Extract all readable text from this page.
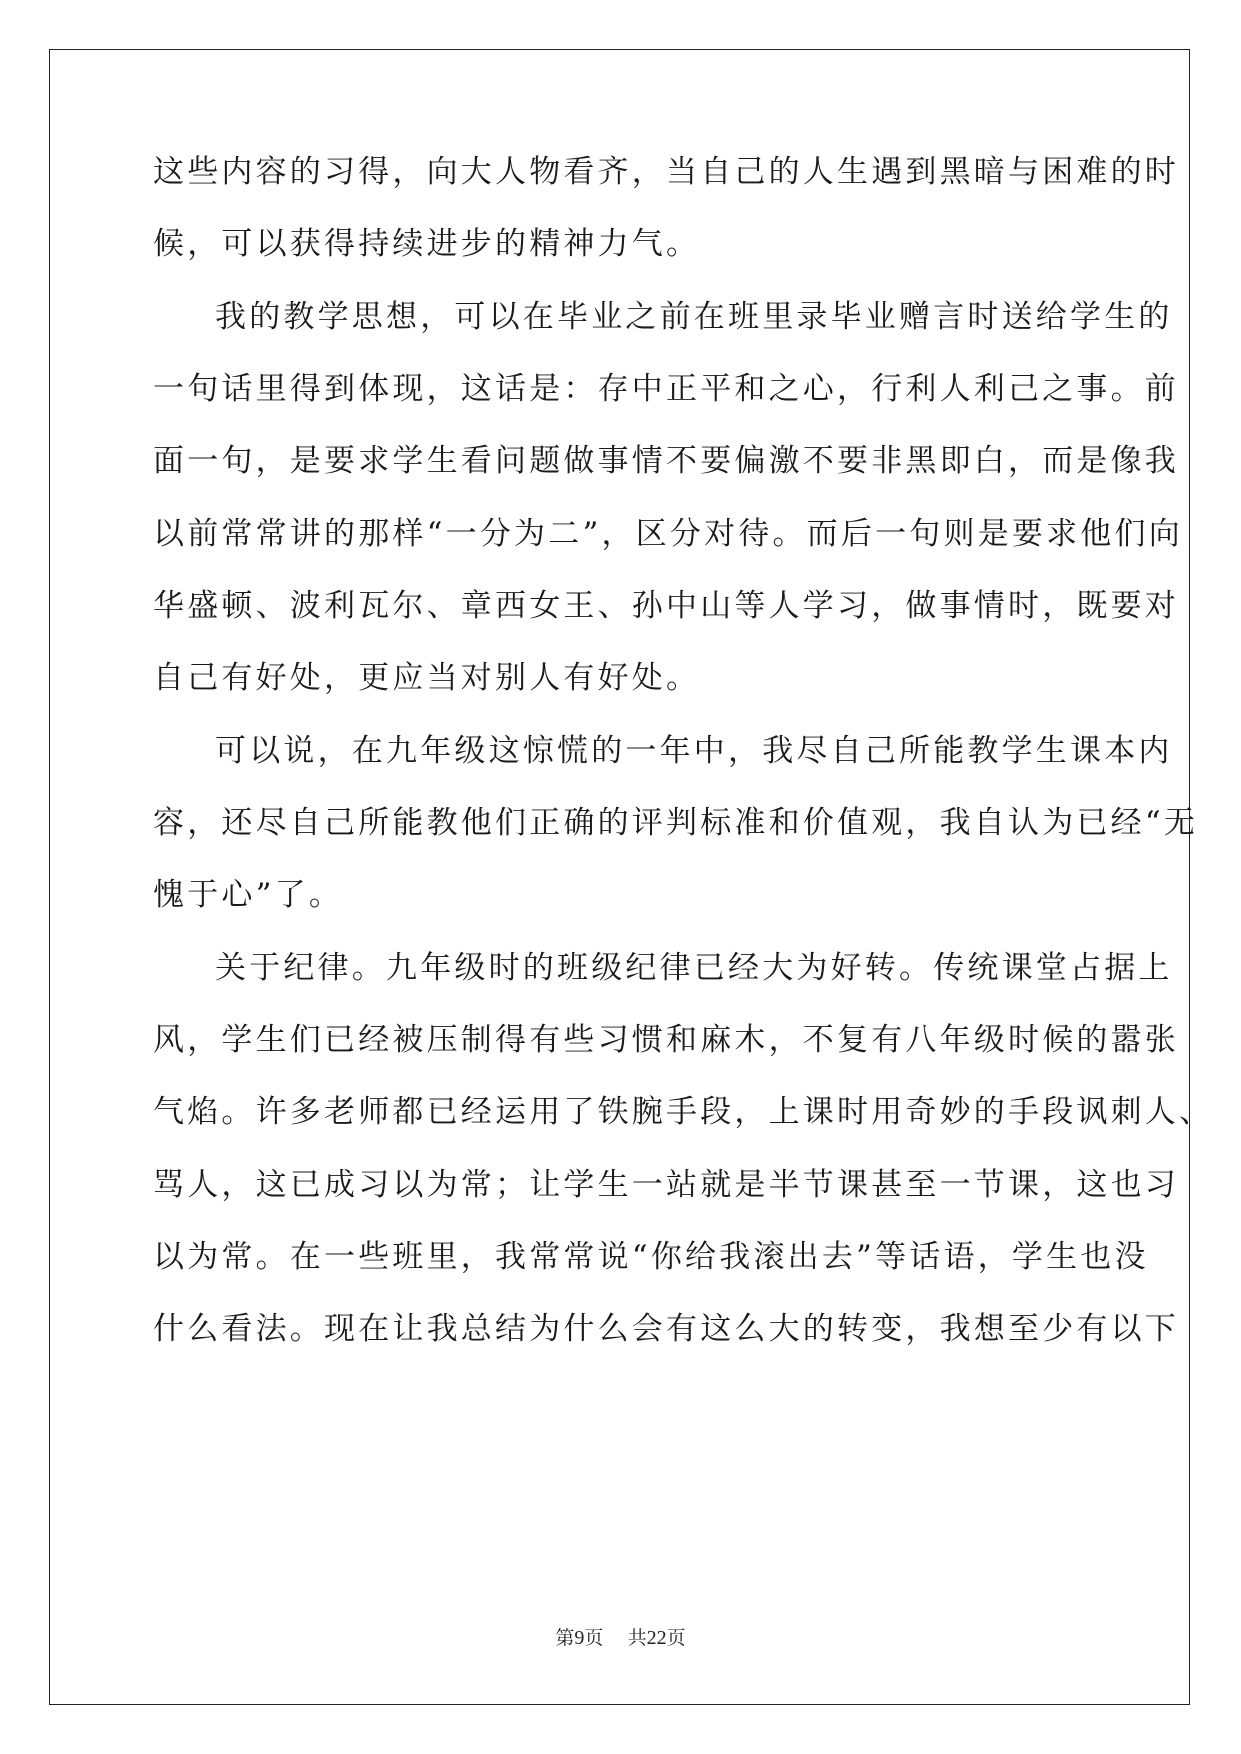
这些内容的习得，向大人物看齐，当自己的人生遇到黑暗与困难的时
候，可以获得持续进步的精神力气。
我的教学思想，可以在毕业之前在班里录毕业赠言时送给学生的
一句话里得到体现，这话是：存中正平和之心，行利人利己之事。前
面一句，是要求学生看问题做事情不要偏激不要非黑即白，而是像我
以前常常讲的那样“一分为二”，区分对待。而后一句则是要求他们向
华盛顿、波利瓦尔、章西女王、孙中山等人学习，做事情时，既要对
自己有好处，更应当对别人有好处。
可以说，在九年级这惊慌的一年中，我尽自己所能教学生课本内
容，还尽自己所能教他们正确的评判标准和价值观，我自认为已经“无
愧于心”了。
关于纪律。九年级时的班级纪律已经大为好转。传统课堂占据上
风，学生们已经被压制得有些习惯和麻木，不复有八年级时候的嚣张
气焰。许多老师都已经运用了铁腕手段，上课时用奇妙的手段讽刺人、
骂人，这已成习以为常；让学生一站就是半节课甚至一节课，这也习
以为常。在一些班里，我常常说“你给我滚出去”等话语，学生也没
什么看法。现在让我总结为什么会有这么大的转变，我想至少有以下
第9页 共22页
